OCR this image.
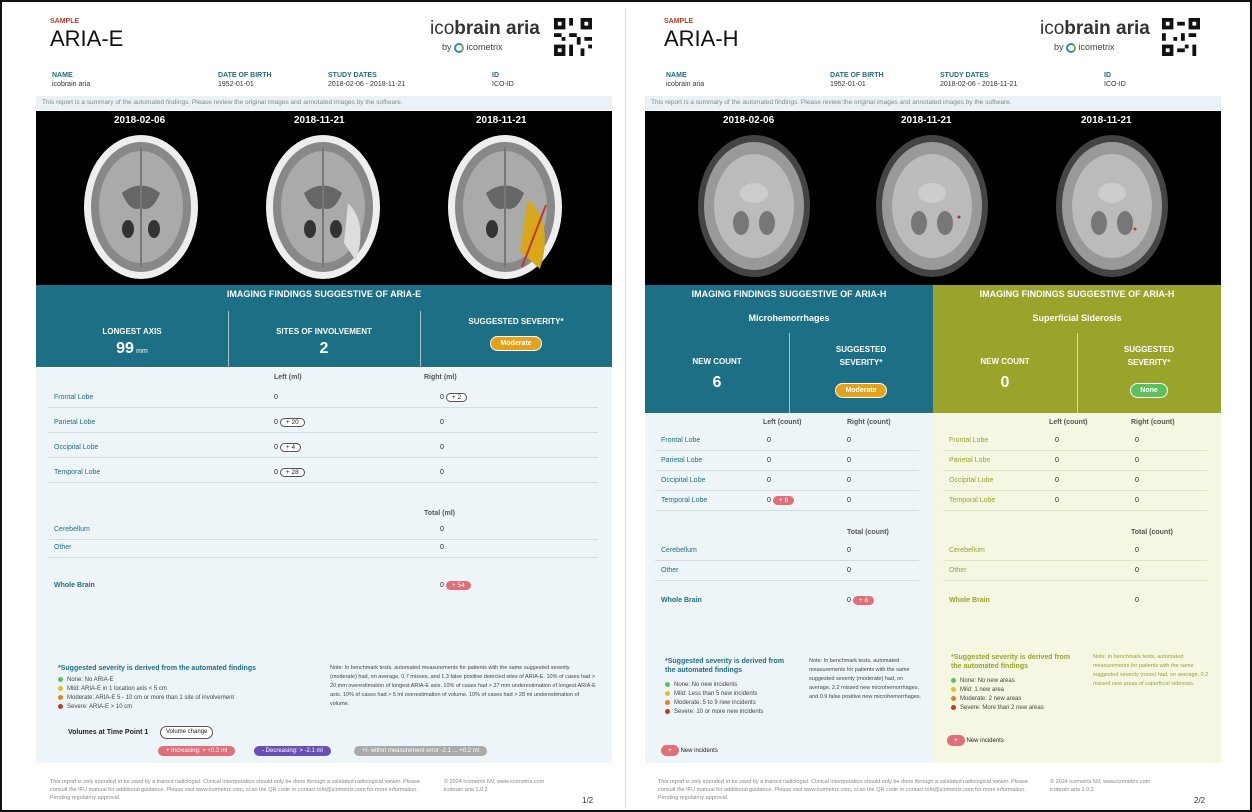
SAMPLE
ARIA-E	icobrain aria
by icometrix
NAME
icobrain aria
DATE OF BIRTH
1952-01-01
STUDY DATES
2018-02-06 - 2018-11-21
ID
ICO-ID
This report is a summary of the automated findings. Please review the original images and annotated images by the software.
2018-02-06	2018-11-21	2018-11-21
IMAGING FINDINGS SUGGESTIVE OF ARIA-E
LONGEST AXIS
99 mm
SITES OF INVOLVEMENT
2
SUGGESTED SEVERITY*
Moderate
Left (ml)	Right (ml)
Frontal Lobe	0	0 + 2
Parietal Lobe	0 + 20	0
Occipital Lobe	0 + 4	0
Temporal Lobe	0 + 28	0
Total (ml)
Cerebellum	0
Other	0
Whole Brain	0 + 54
*Suggested severity is derived from the automated findings
None: No ARIA-E
Mild: ARIA-E in 1 location axis < 5 cm
Moderate: ARIA-E 5 - 10 cm or more than 1 site of involvement
Severe: ARIA-E > 10 cm
Note: In benchmark tests, automated measurements for patients with the same suggested severity (moderate) had, on average, 0.7 misses, and 1.3 false positive detected sites of ARIA-E. 10% of cases had > 20 mm overestimation of longest ARIA-E axis. 10% of cases had > 27 mm underestimation of longest ARIA-E axis. 10% of cases had > 5 ml overestimation of volume. 10% of cases had > 28 ml underestimation of volume.
Volumes at Time Point 1	Volume change
+ Increasing: > +0.2 ml	- Decreasing: > -2.1 ml	+/- within measurement error -2.1 ... +0.2 ml
This report is only intended to be used by a trained radiologist. Clinical interpretation should only be done through a validated radiological viewer. Please consult the IFU manual for additional guidance. Please visit www.icometrix.com, scan the QR code or contact info@icometrix.com for more information. Pending regulatory approval.
© 2024 icometrix NV, www.icometrix.com icobrain aria 1.0.2
1/2
SAMPLE
ARIA-H	icobrain aria
by icometrix
NAME
icobrain aria
DATE OF BIRTH
1952-01-01
STUDY DATES
2018-02-06 - 2018-11-21
ID
ICO-ID
This report is a summary of the automated findings. Please review the original images and annotated images by the software.
2018-02-06	2018-11-21	2018-11-21
IMAGING FINDINGS SUGGESTIVE OF ARIA-H
Microhemorrhages
NEW COUNT
6
SUGGESTED SEVERITY*
Moderate
IMAGING FINDINGS SUGGESTIVE OF ARIA-H
Superficial Siderosis
NEW COUNT
0
SUGGESTED SEVERITY*
None
Left (count)	Right (count)
Frontal Lobe	0	0
Parietal Lobe	0	0
Occipital Lobe	0	0
Temporal Lobe	0 + 6	0
Total (count)
Cerebellum	0
Other	0
Whole Brain	0 + 6
*Suggested severity is derived from the automated findings
None: No new incidents
Mild: Less than 5 new incidents
Moderate: 5 to 9 new incidents
Severe: 10 or more new incidents
Note: In benchmark tests, automated measurements for patients with the same suggested severity (moderate) had, on average, 2.2 missed new microhemorrhages, and 0.9 false positive new microhemorrhages.
+ New incidents
Left (count)	Right (count)
Frontal Lobe	0	0
Parietal Lobe	0	0
Occipital Lobe	0	0
Temporal Lobe	0	0
Total (count)
Cerebellum	0
Other	0
Whole Brain	0
*Suggested severity is derived from the automated findings
None: No new areas
Mild: 1 new area
Moderate: 2 new areas
Severe: More than 2 new areas
Note: In benchmark tests, automated measurements for patients with the same suggested severity (none) had, on average, 0.2 missed new areas of superficial siderosis.
+ New incidents
This report is only intended to be used by a trained radiologist. Clinical interpretation should only be done through a validated radiological viewer. Please consult the IFU manual for additional guidance. Please visit www.icometrix.com, scan the QR code or contact info@icometrix.com for more information. Pending regulatory approval.
© 2024 icometrix NV, www.icometrix.com icobrain aria 1.0.2
2/2
